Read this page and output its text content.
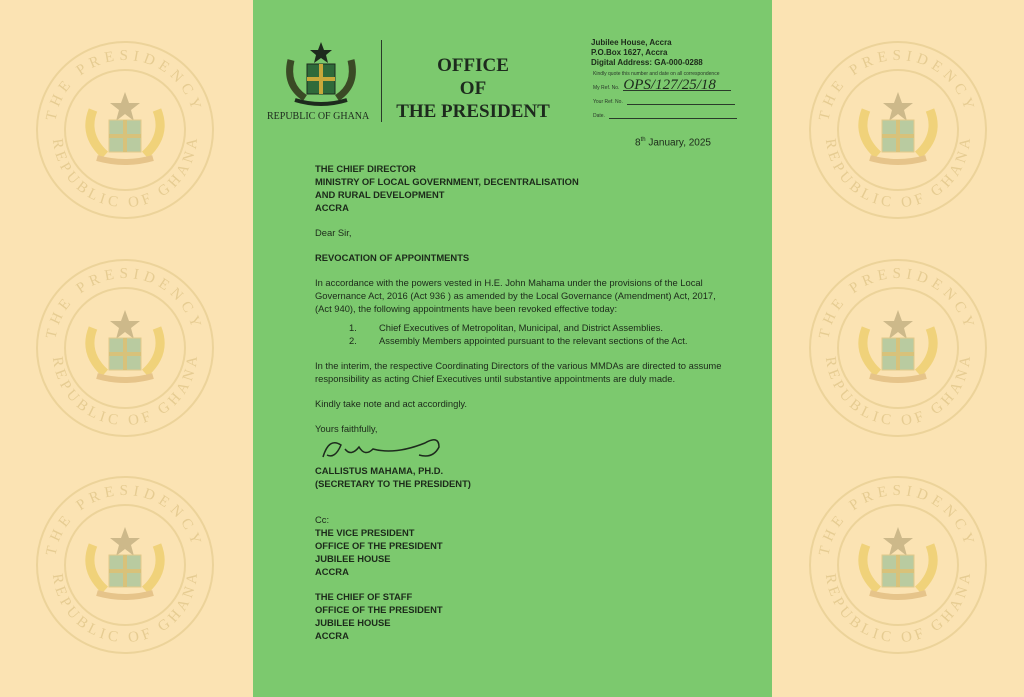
THE PRESIDENCY
REPUBLIC OF GHANA
THE PRESIDENCY
REPUBLIC OF GHANA
THE PRESIDENCY
REPUBLIC OF GHANA
THE PRESIDENCY
REPUBLIC OF GHANA
THE PRESIDENCY
REPUBLIC OF GHANA
THE PRESIDENCY
REPUBLIC OF GHANA
REPUBLIC OF GHANA
OFFICE
OF
THE PRESIDENT
Jubilee House, Accra
P.O.Box 1627, Accra
Digital Address: GA-000-0288
Kindly quote this number and date on all correspondence
My Ref. No. OPS/127/25/18
Your Ref. No.
Date.
8th January, 2025
THE CHIEF DIRECTOR
MINISTRY OF LOCAL GOVERNMENT, DECENTRALISATION
AND RURAL DEVELOPMENT
ACCRA

Dear Sir,

REVOCATION OF APPOINTMENTS

In accordance with the powers vested in H.E. John Mahama under the provisions of the Local Governance Act, 2016 (Act 936 ) as amended by the Local Governance (Amendment) Act, 2017, (Act 940), the following appointments have been revoked effective today:

1.	Chief Executives of Metropolitan, Municipal, and District Assemblies.
2.	Assembly Members appointed pursuant to the relevant sections of the Act.

In the interim, the respective Coordinating Directors of the various MMDAs are directed to assume responsibility as acting Chief Executives until substantive appointments are duly made.

Kindly take note and act accordingly.

Yours faithfully,

CALLISTUS MAHAMA, PH.D.
(SECRETARY TO THE PRESIDENT)

Cc:

THE VICE PRESIDENT
OFFICE OF THE PRESIDENT
JUBILEE HOUSE
ACCRA
THE CHIEF OF STAFF
OFFICE OF THE PRESIDENT
JUBILEE HOUSE
ACCRA
